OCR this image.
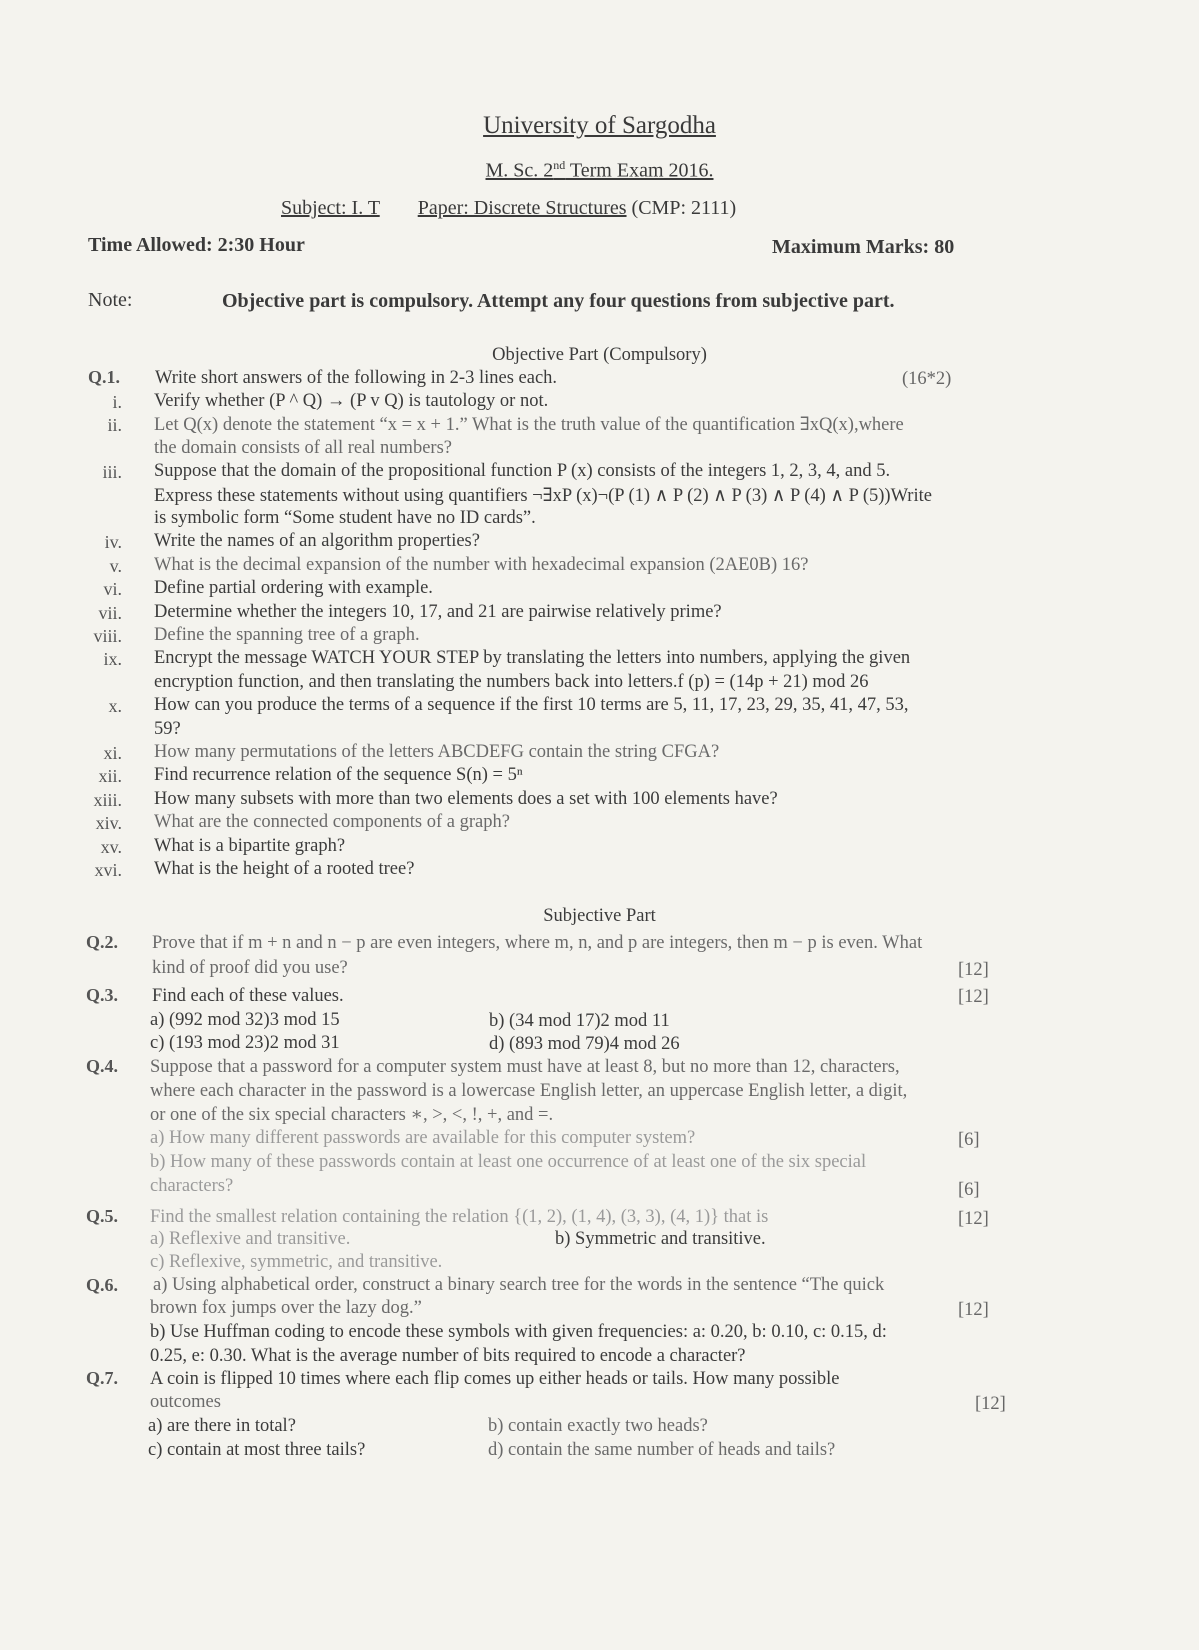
University of Sargodha
M. Sc. 2nd Term Exam 2016.
Subject: I. T Paper: Discrete Structures (CMP: 2111)
Time Allowed: 2:30 Hour	Maximum Marks: 80
Note:	Objective part is compulsory. Attempt any four questions from subjective part.
Objective Part (Compulsory)
Q.1. Write short answers of the following in 2-3 lines each.	(16*2)
i. Verify whether (P ^ Q) → (P v Q) is tautology or not.
ii. Let Q(x) denote the statement “x = x + 1.” What is the truth value of the quantification ∃xQ(x),where
the domain consists of all real numbers?
iii. Suppose that the domain of the propositional function P (x) consists of the integers 1, 2, 3, 4, and 5.
Express these statements without using quantifiers ¬∃xP (x)¬(P (1) ∧ P (2) ∧ P (3) ∧ P (4) ∧ P (5))Write
is symbolic form “Some student have no ID cards”.
iv. Write the names of an algorithm properties?
v. What is the decimal expansion of the number with hexadecimal expansion (2AE0B) 16?
vi. Define partial ordering with example.
vii. Determine whether the integers 10, 17, and 21 are pairwise relatively prime?
viii. Define the spanning tree of a graph.
ix. Encrypt the message WATCH YOUR STEP by translating the letters into numbers, applying the given
encryption function, and then translating the numbers back into letters.f (p) = (14p + 21) mod 26
x. How can you produce the terms of a sequence if the first 10 terms are 5, 11, 17, 23, 29, 35, 41, 47, 53,
59?
xi. How many permutations of the letters ABCDEFG contain the string CFGA?
xii. Find recurrence relation of the sequence S(n) = 5ⁿ
xiii. How many subsets with more than two elements does a set with 100 elements have?
xiv. What are the connected components of a graph?
xv. What is a bipartite graph?
xvi. What is the height of a rooted tree?
Subjective Part
Q.2. Prove that if m + n and n − p are even integers, where m, n, and p are integers, then m − p is even. What
kind of proof did you use?	[12]
Q.3. Find each of these values.	[12]
a) (992 mod 32)3 mod 15	b) (34 mod 17)2 mod 11
c) (193 mod 23)2 mod 31	d) (893 mod 79)4 mod 26
Q.4. Suppose that a password for a computer system must have at least 8, but no more than 12, characters,
where each character in the password is a lowercase English letter, an uppercase English letter, a digit,
or one of the six special characters ∗, >, <, !, +, and =.
a) How many different passwords are available for this computer system?	[6]
b) How many of these passwords contain at least one occurrence of at least one of the six special
characters?	[6]
Q.5. Find the smallest relation containing the relation {(1, 2), (1, 4), (3, 3), (4, 1)} that is	[12]
a) Reflexive and transitive.	b) Symmetric and transitive.
c) Reflexive, symmetric, and transitive.
Q.6. a) Using alphabetical order, construct a binary search tree for the words in the sentence “The quick
brown fox jumps over the lazy dog.”	[12]
b) Use Huffman coding to encode these symbols with given frequencies: a: 0.20, b: 0.10, c: 0.15, d:
0.25, e: 0.30. What is the average number of bits required to encode a character?
Q.7. A coin is flipped 10 times where each flip comes up either heads or tails. How many possible
outcomes	[12]
a) are there in total?	b) contain exactly two heads?
c) contain at most three tails?	d) contain the same number of heads and tails?
